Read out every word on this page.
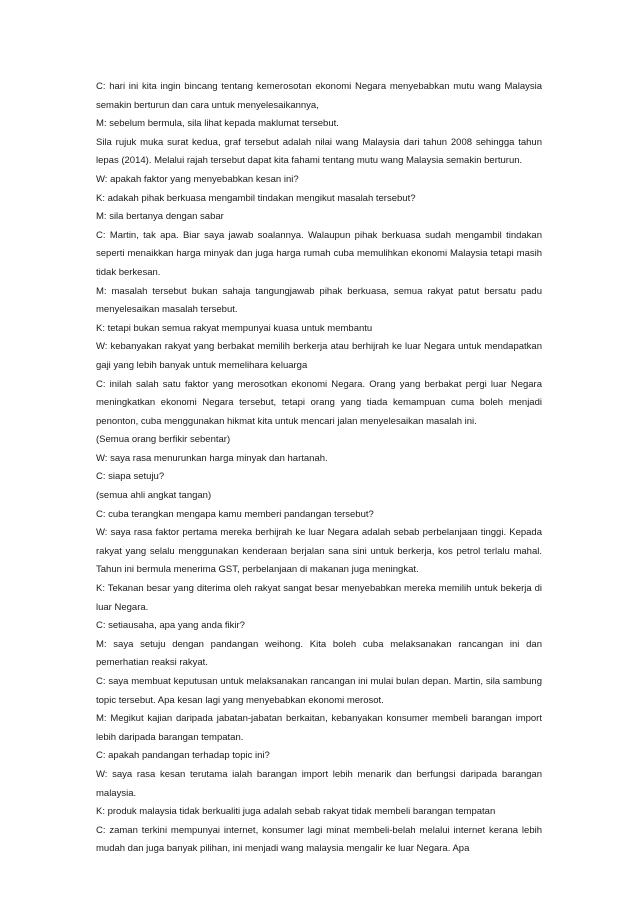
C: hari ini kita ingin bincang tentang kemerosotan ekonomi Negara menyebabkan mutu wang Malaysia semakin berturun dan cara untuk menyelesaikannya,

M: sebelum bermula, sila lihat kepada maklumat tersebut.

Sila rujuk muka surat kedua, graf tersebut adalah nilai wang Malaysia dari tahun 2008 sehingga tahun lepas (2014). Melalui rajah tersebut dapat kita fahami tentang mutu wang Malaysia semakin berturun.

W: apakah faktor yang menyebabkan kesan ini?

K: adakah pihak berkuasa mengambil tindakan mengikut masalah tersebut?

M: sila bertanya dengan sabar

C: Martin, tak apa. Biar saya jawab soalannya. Walaupun pihak berkuasa sudah mengambil tindakan seperti menaikkan harga minyak dan juga harga rumah cuba memulihkan ekonomi Malaysia tetapi masih tidak berkesan.

M: masalah tersebut bukan sahaja tangungjawab pihak berkuasa, semua rakyat patut bersatu padu menyelesaikan masalah tersebut.

K: tetapi bukan semua rakyat mempunyai kuasa untuk membantu

W: kebanyakan rakyat yang berbakat memilih berkerja atau berhijrah ke luar Negara untuk mendapatkan gaji yang lebih banyak untuk memelihara keluarga

C: inilah salah satu faktor yang merosotkan ekonomi Negara. Orang yang berbakat pergi luar Negara meningkatkan ekonomi Negara tersebut, tetapi orang yang tiada kemampuan cuma boleh menjadi penonton, cuba menggunakan hikmat kita untuk mencari jalan menyelesaikan masalah ini.

(Semua orang berfikir sebentar)

W: saya rasa menurunkan harga minyak dan hartanah.

C: siapa setuju?

(semua ahli angkat tangan)

C: cuba terangkan mengapa kamu memberi pandangan tersebut?

W: saya rasa faktor pertama mereka berhijrah ke luar Negara adalah sebab perbelanjaan tinggi. Kepada rakyat yang selalu menggunakan kenderaan berjalan sana sini untuk berkerja, kos petrol terlalu mahal. Tahun ini bermula menerima GST, perbelanjaan di makanan juga meningkat.

K: Tekanan besar yang diterima oleh rakyat sangat besar menyebabkan mereka memilih untuk bekerja di luar Negara.

C: setiausaha, apa yang anda fikir?

M: saya setuju dengan pandangan weihong. Kita boleh cuba melaksanakan rancangan ini dan pemerhatian reaksi rakyat.

C: saya membuat keputusan untuk melaksanakan rancangan ini mulai bulan depan. Martin, sila sambung topic tersebut. Apa kesan lagi yang menyebabkan ekonomi merosot.

M: Megikut kajian daripada jabatan-jabatan berkaitan, kebanyakan konsumer membeli barangan import lebih daripada barangan tempatan.

C: apakah pandangan terhadap topic ini?

W: saya rasa kesan terutama ialah barangan import lebih menarik dan berfungsi daripada barangan malaysia.

K: produk malaysia tidak berkualiti juga adalah sebab rakyat tidak membeli barangan tempatan

C: zaman terkini mempunyai internet, konsumer lagi minat membeli-belah melalui internet kerana lebih mudah dan juga banyak pilihan, ini menjadi wang malaysia mengalir ke luar Negara. Apa
